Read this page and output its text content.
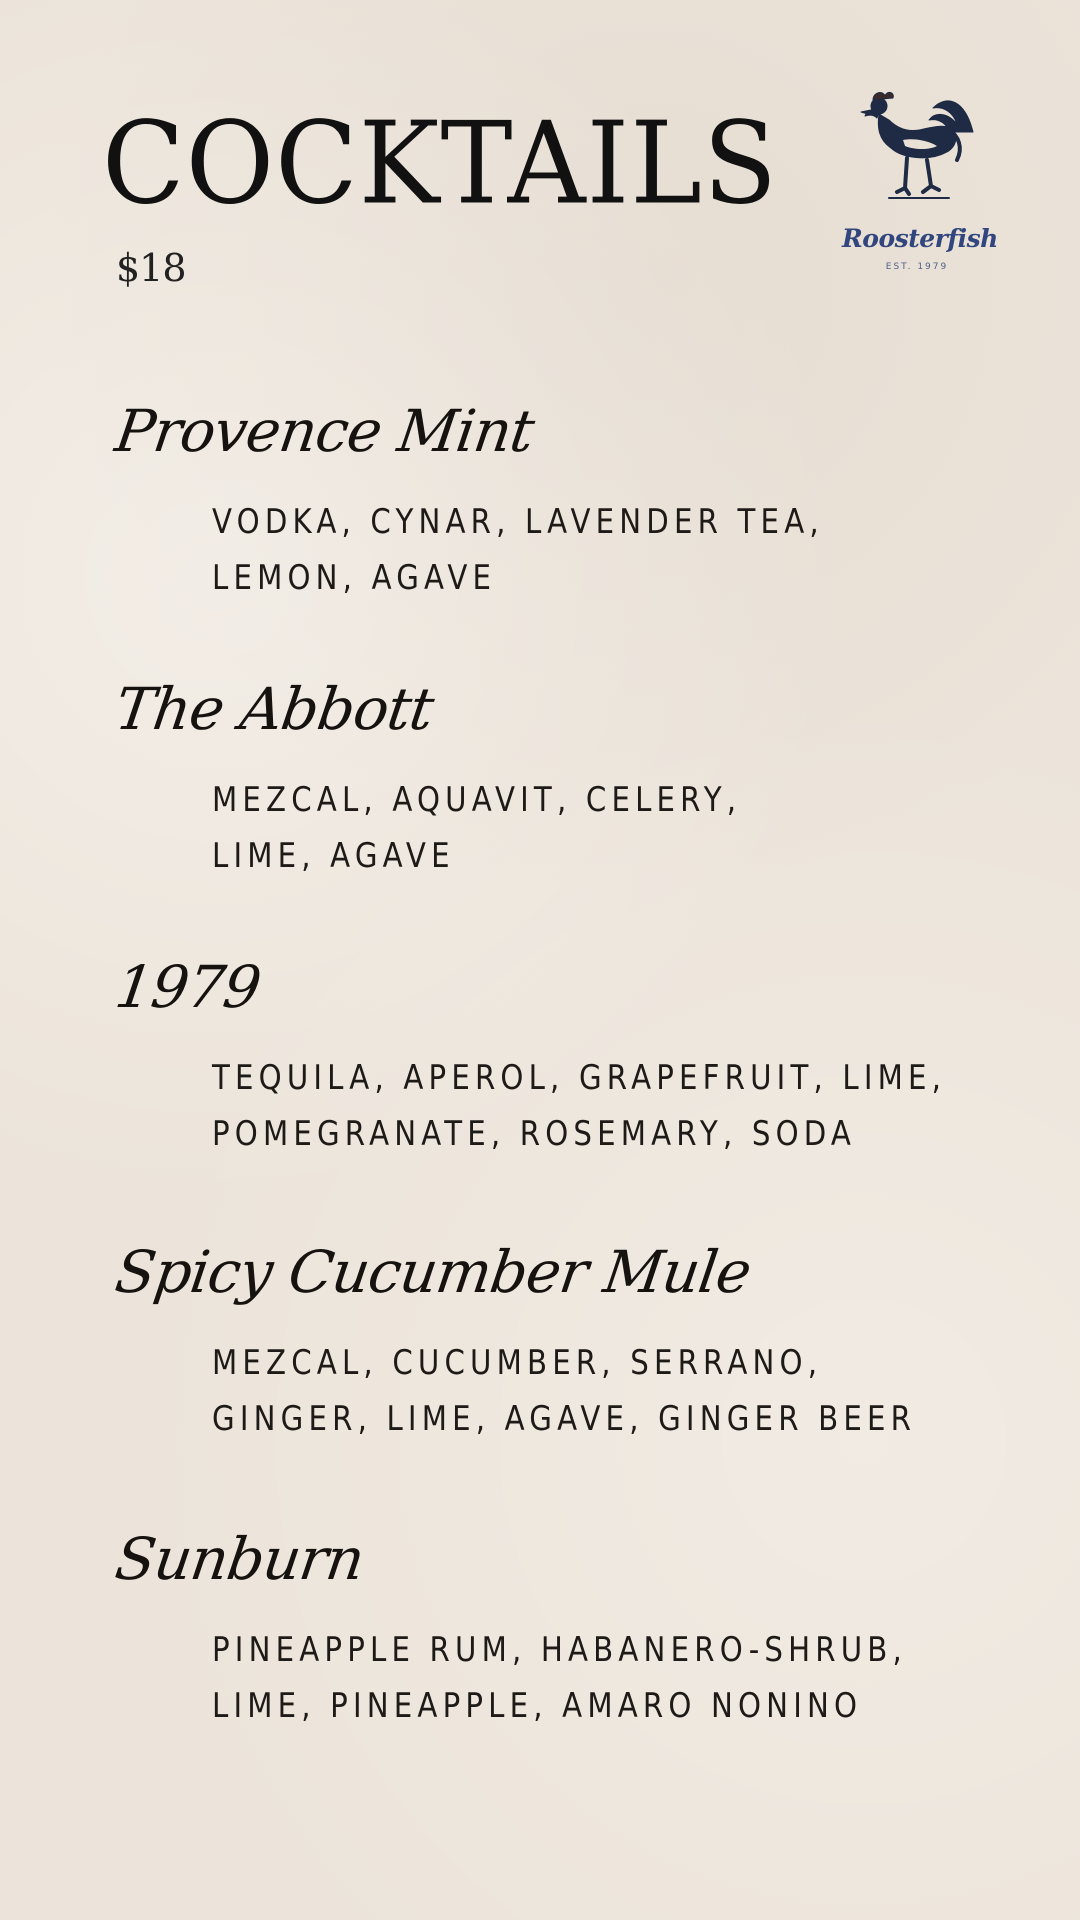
COCKTAILS
$18
Roosterfish
EST. 1979
Provence Mint

VODKA, CYNAR, LAVENDER TEA,

LEMON, AGAVE

The Abbott

MEZCAL, AQUAVIT, CELERY,

LIME, AGAVE

1979

TEQUILA, APEROL, GRAPEFRUIT, LIME,

POMEGRANATE, ROSEMARY, SODA

Spicy Cucumber Mule

MEZCAL, CUCUMBER, SERRANO,

GINGER, LIME, AGAVE, GINGER BEER

Sunburn

PINEAPPLE RUM, HABANERO-SHRUB,

LIME, PINEAPPLE, AMARO NONINO
